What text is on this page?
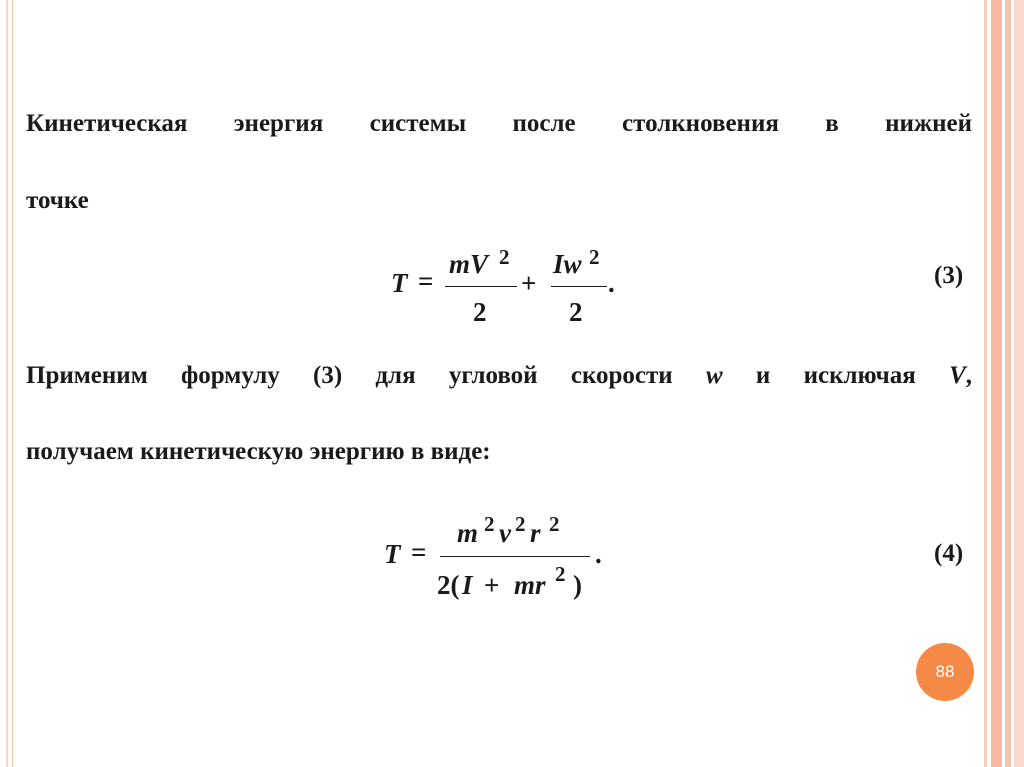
Кинетическая энергия системы после столкновения в нижней
точке
T =
mV 2
2
+
Iw 2
2
.	(3)
Применим формулу (3) для угловой скорости w и исключая V,
получаем кинетическую энергию в виде:
T =
m 2 v 2 r 2
2( I + mr 2 )
.	(4)
88
